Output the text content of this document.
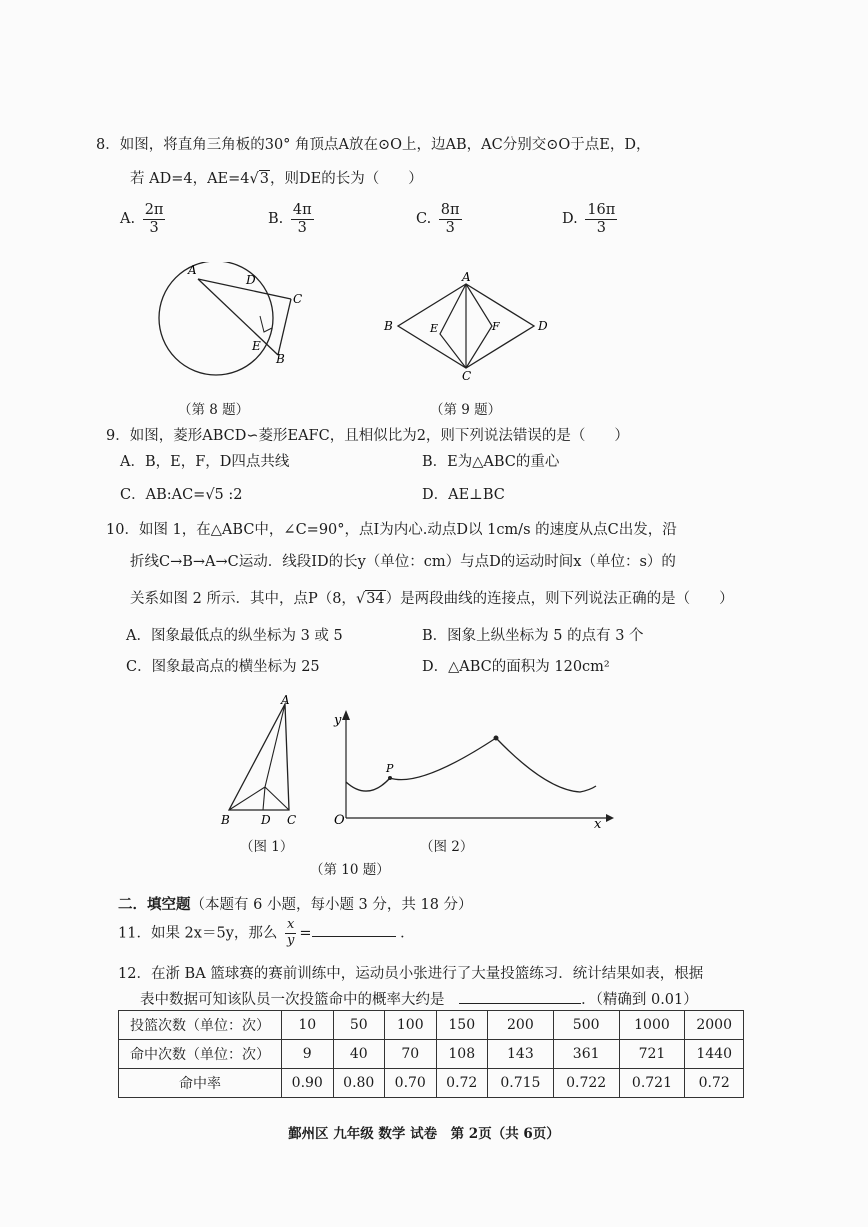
8．如图，将直角三角板的30° 角顶点A放在⊙O上，边AB，AC分别交⊙O于点E，D，
若 AD=4，AE=4√3，则DE的长为（　　）
A. $\frac{2\pi}{3}$	B. $\frac{4\pi}{3}$	C. $\frac{8\pi}{3}$	D. $\frac{16\pi}{3}$
A
D
C
E
B
（第 8 题）
A
B	E	F	D
C
（第 9 题）
9．如图，菱形ABCD∽菱形EAFC，且相似比为2，则下列说法错误的是（　　）
A．B，E，F，D四点共线	B．E为△ABC的重心
C．AB:AC=√5 :2	D．AE⊥BC
10．如图 1，在△ABC中，∠C=90°，点I为内心.动点D以 1cm/s 的速度从点C出发，沿
折线C→B→A→C运动．线段ID的长y（单位：cm）与点D的运动时间x（单位：s）的
关系如图 2 所示．其中，点P（8，√34）是两段曲线的连接点，则下列说法正确的是（　　）
A．图象最低点的纵坐标为 3 或 5	B．图象上纵坐标为 5 的点有 3 个
C．图象最高点的横坐标为 25	D．△ABC的面积为 120cm²
A
B	D C
（图 1）
y
P
O	x
（图 2）
（第 10 题）
二．填空题（本题有 6 小题，每小题 3 分，共 18 分）
11．如果 2x＝5y，那么 $\frac{x}{y}$ =	．
12．在浙 BA 篮球赛的赛前训练中，运动员小张进行了大量投篮练习．统计结果如表，根据
表中数据可知该队员一次投篮命中的概率大约是	．（精确到 0.01）
投篮次数（单位：次）	10	50	100	150	200	500	1000	2000
命中次数（单位：次）	9	40	70	108	143	361	721	1440
命中率	0.90	0.80	0.70	0.72	0.715	0.722	0.721	0.72
鄞州区 九年级 数学 试卷　第 2页（共 6页）
